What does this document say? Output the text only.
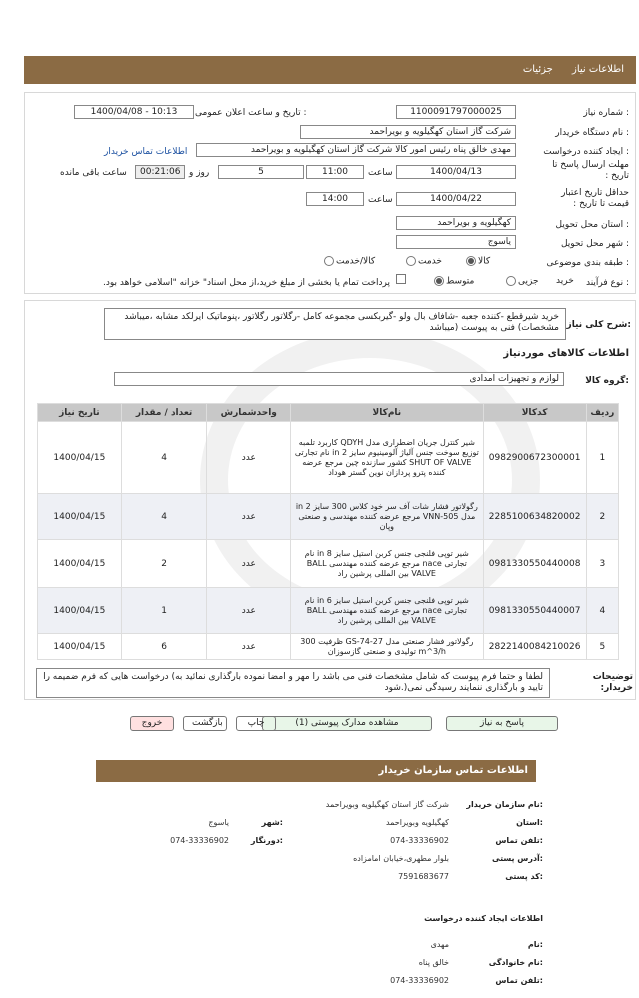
اطلاعات نیاز جزئیات
شماره نیاز :
1100091797000025
تاریخ و ساعت اعلان عمومی :
1400/04/08 - 10:13
نام دستگاه خریدار :
شرکت گاز استان کهگیلویه و بویراحمد
ایجاد کننده درخواست :
مهدی خالق پناه رئیس امور کالا شرکت گاز استان کهگیلویه و بویراحمد
اطلاعات تماس خریدار
مهلت ارسال پاسخ تا تاریخ :
1400/04/13
ساعت
11:00
5
روز و
00:21:06
ساعت باقی مانده
حداقل تاریخ اعتبار قیمت تا تاریخ :
1400/04/22
ساعت
14:00
استان محل تحویل :
کهگیلویه و بویراحمد
شهر محل تحویل :
یاسوج
طبقه بندی موضوعی :
کالا
خدمت
کالا/خدمت
نوع فرآیند :
خرید
جزیی
متوسط
پرداخت تمام یا بخشی از مبلغ خرید،از محل اسناد" خزانه "اسلامی خواهد بود.
شرح کلی نیاز:
خرید شیرقطع -کننده جعبه -شافاف بال ولو -گیربکسی مجموعه کامل -رگلاتور رگلاتور ،پنوماتیک ایرلکد مشابه ،میباشد مشخصات) فنی به پیوست (میباشد
اطلاعات کالاهای موردنیاز
گروه کالا:
لوازم و تجهیزات امدادی
ردیف	کدکالا	نام‌کالا	واحدشمارش	تعداد / مقدار	تاریخ نیاز
1	0982900672300001	شیر کنترل جریان اضطراری مدل QDYH کاربرد تلمبه توزیع سوخت جنس آلیاژ آلومینیوم سایز 2 in نام تجارتی SHUT OF VALVE کشور سازنده چین مرجع عرضه کننده پترو پردازان نوین گستر هوداد	عدد	4	1400/04/15
2	2285100634820002	رگولاتور فشار شات آف سر خود کلاس 300 سایز 2 in مدل VNN-505 مرجع عرضه کننده مهندسی و صنعتی وپان	عدد	4	1400/04/15
3	0981330550440008	شیر توپی فلنجی جنس کربن استیل سایز 8 in نام تجارتی nace مرجع عرضه کننده مهندسی BALL VALVE بین المللی پرشین راد	عدد	2	1400/04/15
4	0981330550440007	شیر توپی فلنجی جنس کربن استیل سایز 6 in نام تجارتی nace مرجع عرضه کننده مهندسی BALL VALVE بین المللی پرشین راد	عدد	1	1400/04/15
5	2822140084210026	رگولاتور فشار صنعتی مدل GS-74-27 ظرفیت 300 m^3/h تولیدی و صنعتی گازسوزان	عدد	6	1400/04/15
توضیحات خریدار:
لطفا و حتما فرم پیوست که شامل مشخصات فنی می باشد را مهر و امضا نموده بارگذاری نمائید به) درخواست هایی که فرم ضمیمه را تایید و بارگذاری ننمایند رسیدگی نمی(.شود
پاسخ به نیاز
مشاهده مدارک پیوستی (1)
چاپ
بازگشت
خروج
اطلاعات تماس سازمان خریدار
نام سازمان خریدار:
شرکت گاز استان کهگیلویه وبویراحمد
استان:
کهگیلویه وبویراحمد
شهر:
یاسوج
تلفن تماس:
074-33336902
دورنگار:
074-33336902
آدرس پستی:
بلوار مطهری،خیابان امامزاده
کد پستی:
7591683677
اطلاعات ایجاد کننده درخواست
نام:
مهدی
نام خانوادگی:
خالق پناه
تلفن تماس:
074-33336902
